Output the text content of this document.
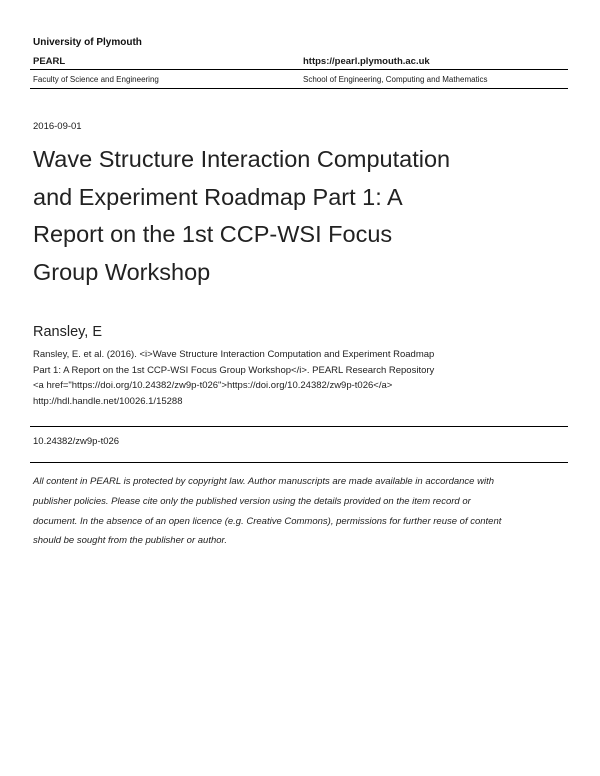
University of Plymouth
PEARL	https://pearl.plymouth.ac.uk
Faculty of Science and Engineering	School of Engineering, Computing and Mathematics
2016-09-01
Wave Structure Interaction Computation
and Experiment Roadmap Part 1: A
Report on the 1st CCP-WSI Focus
Group Workshop
Ransley, E
Ransley, E. et al. (2016). <i>Wave Structure Interaction Computation and Experiment Roadmap
Part 1: A Report on the 1st CCP-WSI Focus Group Workshop</i>. PEARL Research Repository
<a href="https://doi.org/10.24382/zw9p-t026">https://doi.org/10.24382/zw9p-t026</a>
http://hdl.handle.net/10026.1/15288
10.24382/zw9p-t026
All content in PEARL is protected by copyright law. Author manuscripts are made available in accordance with
publisher policies. Please cite only the published version using the details provided on the item record or
document. In the absence of an open licence (e.g. Creative Commons), permissions for further reuse of content
should be sought from the publisher or author.
